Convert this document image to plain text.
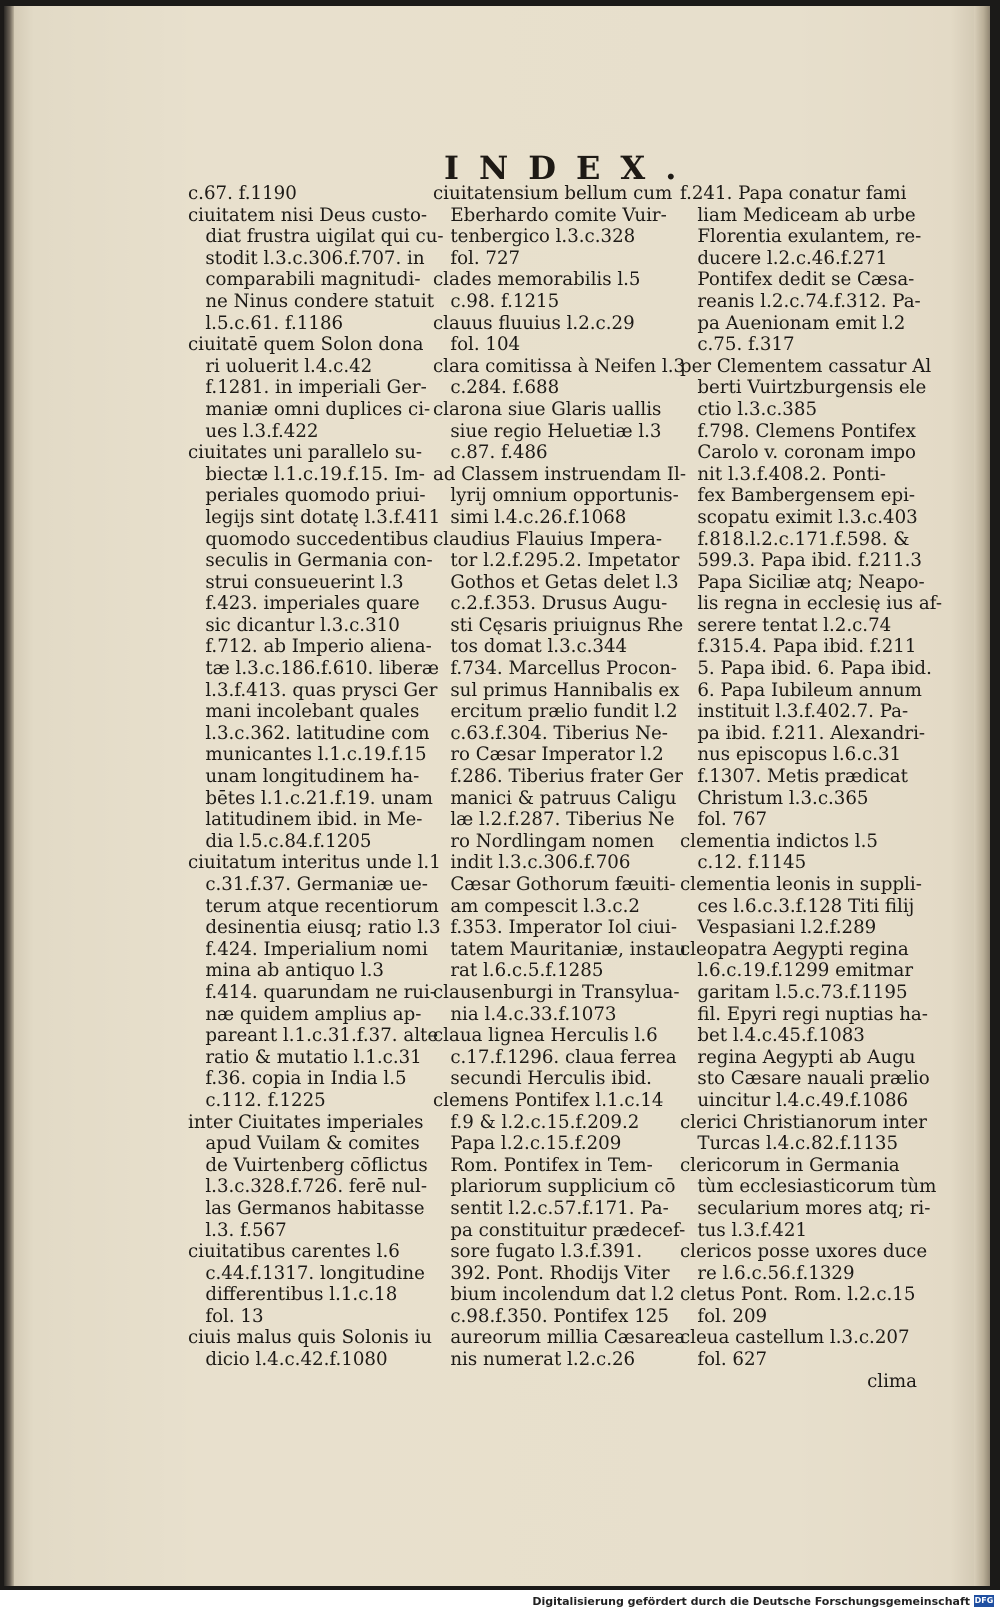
INDEX.
c.67. f.1190
ciuitatem nisi Deus custo-
diat frustra uigilat qui cu-
stodit l.3.c.306.f.707. in
comparabili magnitudi-
ne Ninus condere statuit
l.5.c.61. f.1186
ciuitatē quem Solon dona
ri uoluerit l.4.c.42
f.1281. in imperiali Ger-
maniæ omni duplices ci-
ues l.3.f.422
ciuitates uni parallelo su-
biectæ l.1.c.19.f.15. Im-
periales quomodo priui-
legijs sint dotatę l.3.f.411
quomodo succedentibus
seculis in Germania con-
strui consueuerint l.3
f.423. imperiales quare
sic dicantur l.3.c.310
f.712. ab Imperio aliena-
tæ l.3.c.186.f.610. liberæ
l.3.f.413. quas prysci Ger
mani incolebant quales
l.3.c.362. latitudine com
municantes l.1.c.19.f.15
unam longitudinem ha-
bētes l.1.c.21.f.19. unam
latitudinem ibid. in Me-
dia l.5.c.84.f.1205
ciuitatum interitus unde l.1
c.31.f.37. Germaniæ ue-
terum atque recentiorum
desinentia eiusq; ratio l.3
f.424. Imperialium nomi
mina ab antiquo l.3
f.414. quarundam ne rui-
næ quidem amplius ap-
pareant l.1.c.31.f.37. alte
ratio & mutatio l.1.c.31
f.36. copia in India l.5
c.112. f.1225
inter Ciuitates imperiales
apud Vuilam & comites
de Vuirtenberg cōflictus
l.3.c.328.f.726. ferē nul-
las Germanos habitasse
l.3. f.567
ciuitatibus carentes l.6
c.44.f.1317. longitudine
differentibus l.1.c.18
fol. 13
ciuis malus quis Solonis iu
dicio l.4.c.42.f.1080
ciuitatensium bellum cum
Eberhardo comite Vuir-
tenbergico l.3.c.328
fol. 727
clades memorabilis l.5
c.98. f.1215
clauus fluuius l.2.c.29
fol. 104
clara comitissa à Neifen l.3
c.284. f.688
clarona siue Glaris uallis
siue regio Heluetiæ l.3
c.87. f.486
ad Classem instruendam Il-
lyrij omnium opportunis-
simi l.4.c.26.f.1068
claudius Flauius Impera-
tor l.2.f.295.2. Impetator
Gothos et Getas delet l.3
c.2.f.353. Drusus Augu-
sti Cęsaris priuignus Rhe
tos domat l.3.c.344
f.734. Marcellus Procon-
sul primus Hannibalis ex
ercitum prælio fundit l.2
c.63.f.304. Tiberius Ne-
ro Cæsar Imperator l.2
f.286. Tiberius frater Ger
manici & patruus Caligu
læ l.2.f.287. Tiberius Ne
ro Nordlingam nomen
indit l.3.c.306.f.706
Cæsar Gothorum fæuiti-
am compescit l.3.c.2
f.353. Imperator Iol ciui-
tatem Mauritaniæ, instau
rat l.6.c.5.f.1285
clausenburgi in Transylua-
nia l.4.c.33.f.1073
claua lignea Herculis l.6
c.17.f.1296. claua ferrea
secundi Herculis ibid.
clemens Pontifex l.1.c.14
f.9 & l.2.c.15.f.209.2
Papa l.2.c.15.f.209
Rom. Pontifex in Tem-
plariorum supplicium cō
sentit l.2.c.57.f.171. Pa-
pa constituitur prædecef-
sore fugato l.3.f.391.
392. Pont. Rhodijs Viter
bium incolendum dat l.2
c.98.f.350. Pontifex 125
aureorum millia Cæsarea
nis numerat l.2.c.26
f.241. Papa conatur fami
liam Mediceam ab urbe
Florentia exulantem, re-
ducere l.2.c.46.f.271
Pontifex dedit se Cæsa-
reanis l.2.c.74.f.312. Pa-
pa Auenionam emit l.2
c.75. f.317
per Clementem cassatur Al
berti Vuirtzburgensis ele
ctio l.3.c.385
f.798. Clemens Pontifex
Carolo v. coronam impo
nit l.3.f.408.2. Ponti-
fex Bambergensem epi-
scopatu eximit l.3.c.403
f.818.l.2.c.171.f.598. &
599.3. Papa ibid. f.211.3
Papa Siciliæ atq; Neapo-
lis regna in ecclesię ius af-
serere tentat l.2.c.74
f.315.4. Papa ibid. f.211
5. Papa ibid. 6. Papa ibid.
6. Papa Iubileum annum
instituit l.3.f.402.7. Pa-
pa ibid. f.211. Alexandri-
nus episcopus l.6.c.31
f.1307. Metis prædicat
Christum l.3.c.365
fol. 767
clementia indictos l.5
c.12. f.1145
clementia leonis in suppli-
ces l.6.c.3.f.128 Titi filij
Vespasiani l.2.f.289
cleopatra Aegypti regina
l.6.c.19.f.1299 emitmar
garitam l.5.c.73.f.1195
fil. Epyri regi nuptias ha-
bet l.4.c.45.f.1083
regina Aegypti ab Augu
sto Cæsare nauali prælio
uincitur l.4.c.49.f.1086
clerici Christianorum inter
Turcas l.4.c.82.f.1135
clericorum in Germania
tùm ecclesiasticorum tùm
secularium mores atq; ri-
tus l.3.f.421
clericos posse uxores duce
re l.6.c.56.f.1329
cletus Pont. Rom. l.2.c.15
fol. 209
cleua castellum l.3.c.207
fol. 627
clima
Digitalisierung gefördert durch die Deutsche Forschungsgemeinschaft DFG
